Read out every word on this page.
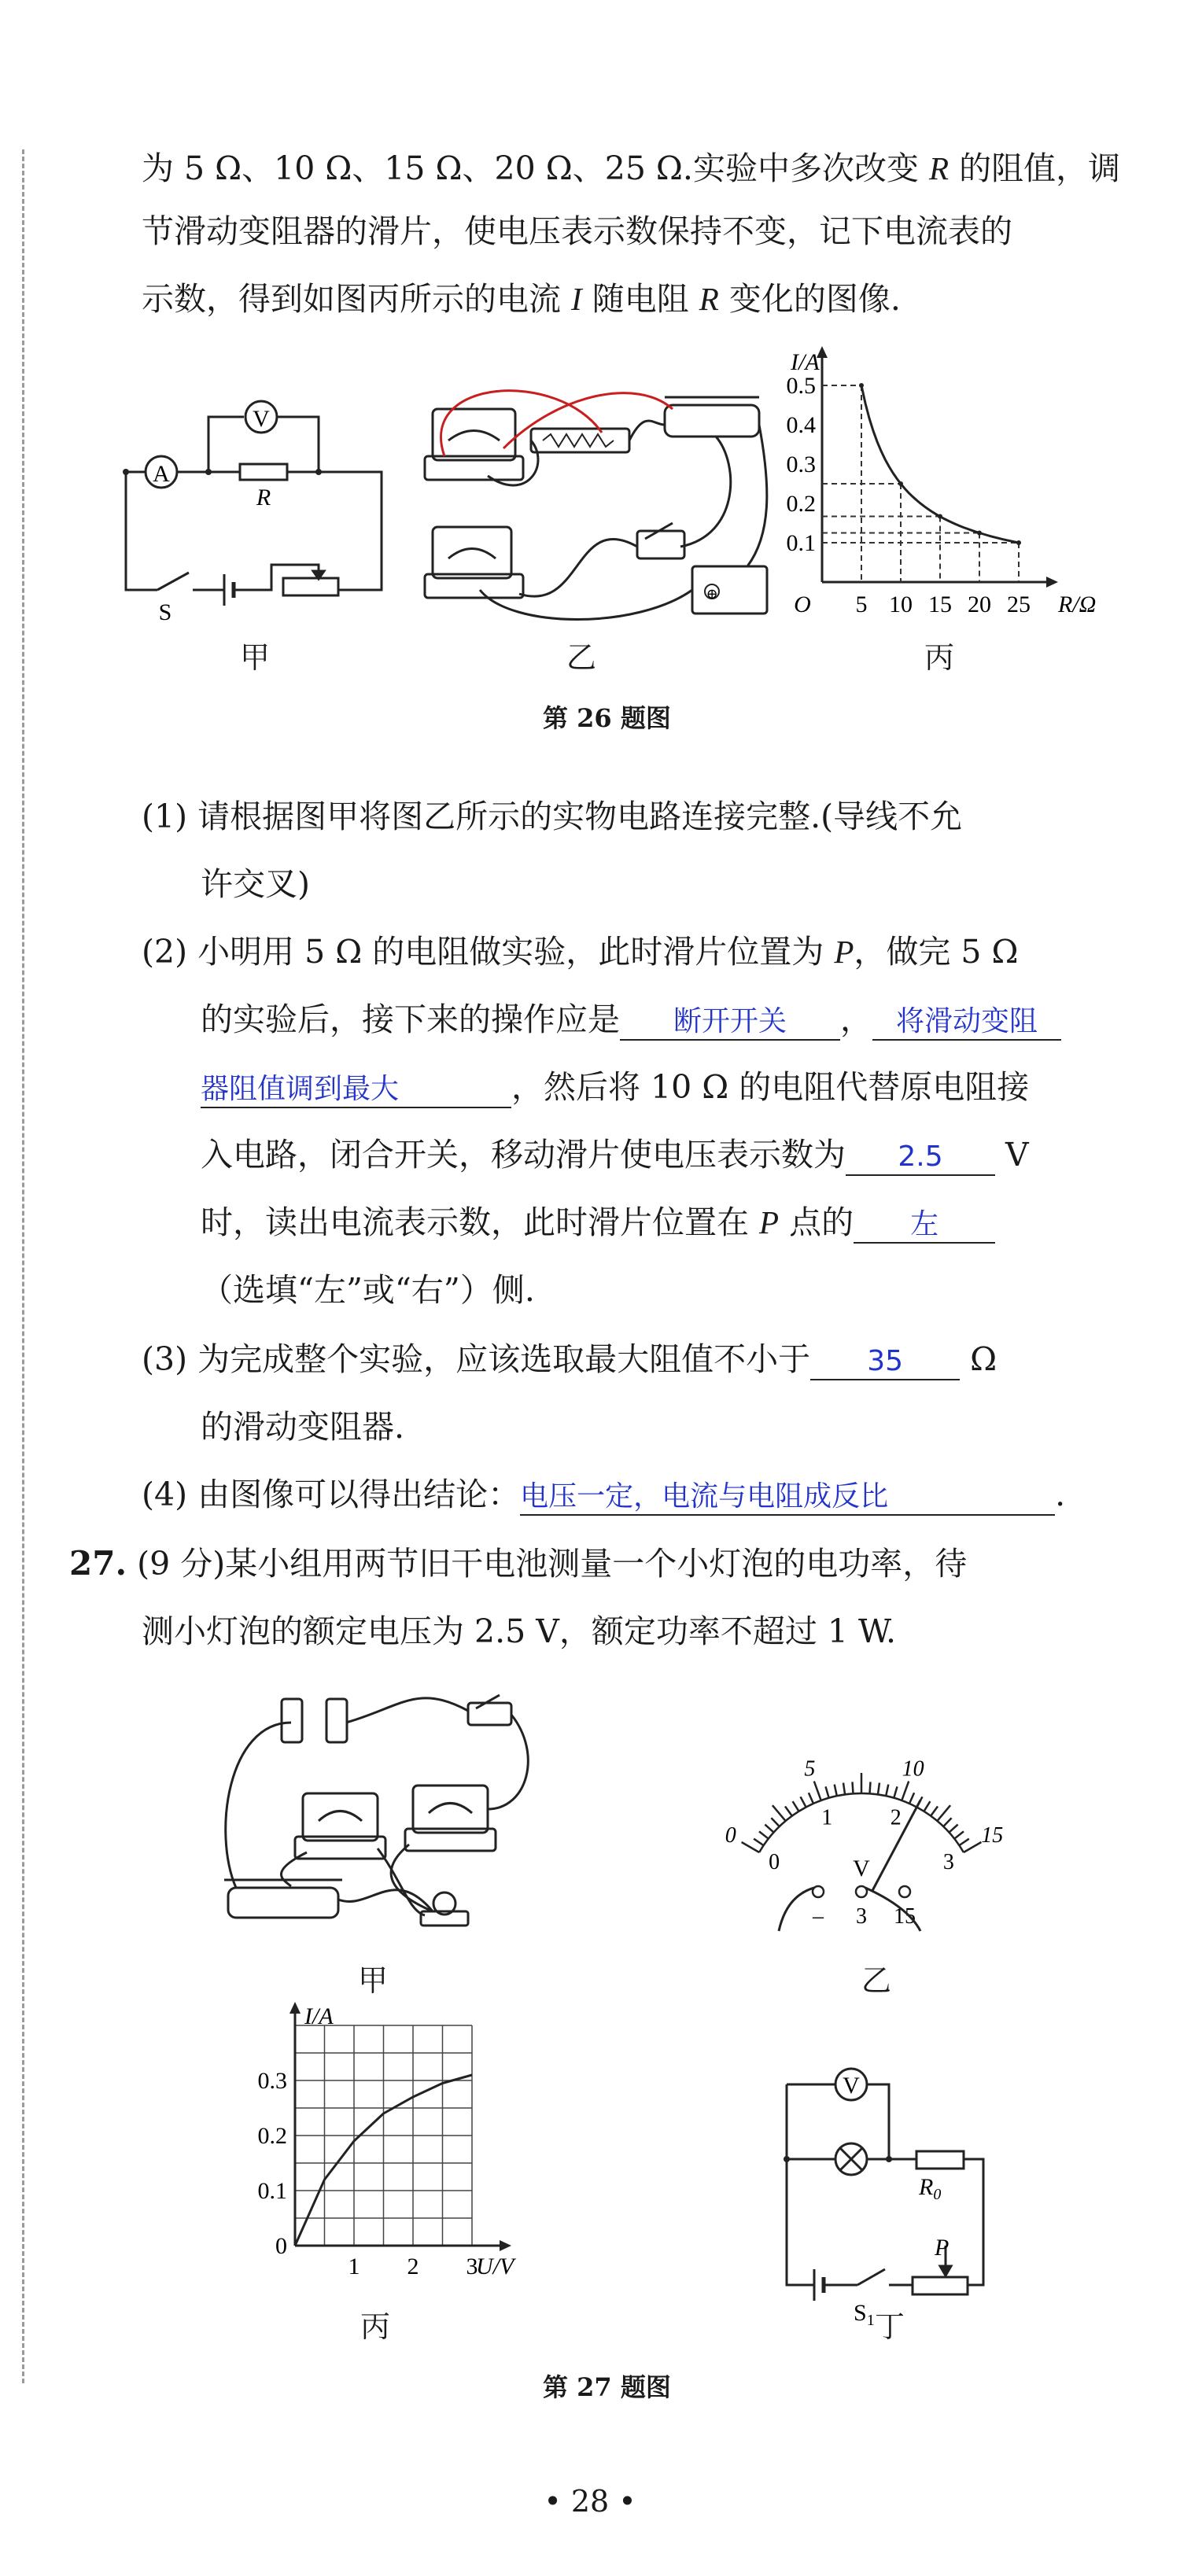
为 5 Ω、10 Ω、15 Ω、20 Ω、25 Ω.实验中多次改变 R 的阻值，调
节滑动变阻器的滑片，使电压表示数保持不变，记下电流表的
示数，得到如图丙所示的电流 I 随电阻 R 变化的图像.
A
V
R
S
甲
⊕
乙
5 10 15 20 25
0.1
0.2
0.3
0.4
0.5
O	R/Ω
I/A
丙
第 26 题图
(1) 请根据图甲将图乙所示的实物电路连接完整.(导线不允
许交叉)
(2) 小明用 5 Ω 的电阻做实验，此时滑片位置为 P，做完 5 Ω
的实验后，接下来的操作应是 断开开关 ， 将滑动变阻
器阻值调到最大	，然后将 10 Ω 的电阻代替原电阻接
入电路，闭合开关，移动滑片使电压表示数为 2.5 V
时，读出电流表示数，此时滑片位置在 P 点的 左
（选填“左”或“右”）侧.
(3) 为完成整个实验，应该选取最大阻值不小于 35 Ω
的滑动变阻器.
(4) 由图像可以得出结论：电压一定，电流与电阻成反比	.
27. (9 分)某小组用两节旧干电池测量一个小灯泡的电功率，待
测小灯泡的额定电压为 2.5 V，额定功率不超过 1 W.
甲
0
5	10
15
0
1	2
3
V
– 3 15
乙
1 2 3
0
0.1
0.2
0.3
U/V
I/A
丙
V
$R_0$
P
$S_1$ 丁
第 27 题图
• 28 •
